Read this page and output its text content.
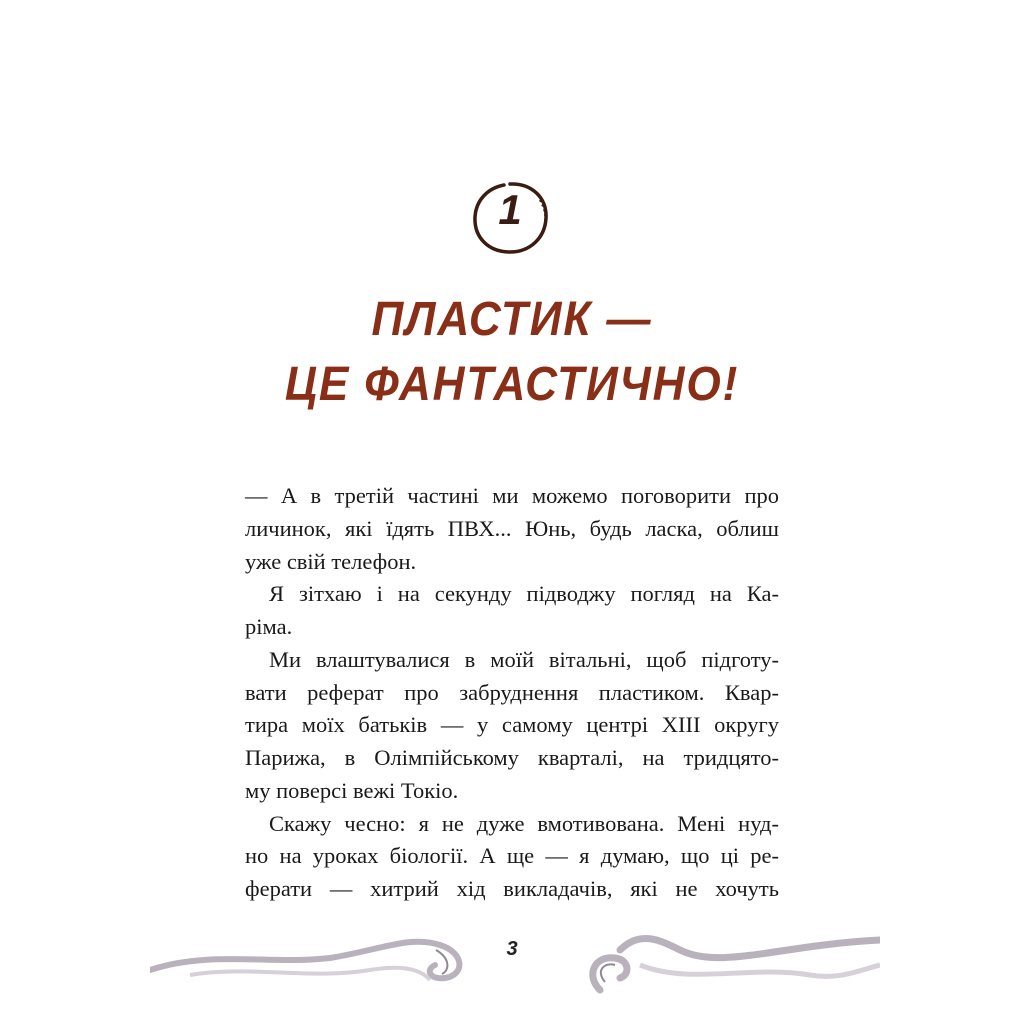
1
ПЛАСТИК —
ЦЕ ФАНТАСТИЧНО!
— А в третій частині ми можемо поговорити про
личинок, які їдять ПВХ... Юнь, будь ласка, облиш
уже свій телефон.
Я зітхаю і на секунду підводжу погляд на Ка-
ріма.
Ми влаштувалися в моїй вітальні, щоб підготу-
вати реферат про забруднення пластиком. Квар-
тира моїх батьків — у самому центрі XIII округу
Парижа, в Олімпійському кварталі, на тридцято-
му поверсі вежі Токіо.
Скажу чесно: я не дуже вмотивована. Мені нуд-
но на уроках біології. А ще — я думаю, що ці ре-
ферати — хитрий хід викладачів, які не хочуть
3
